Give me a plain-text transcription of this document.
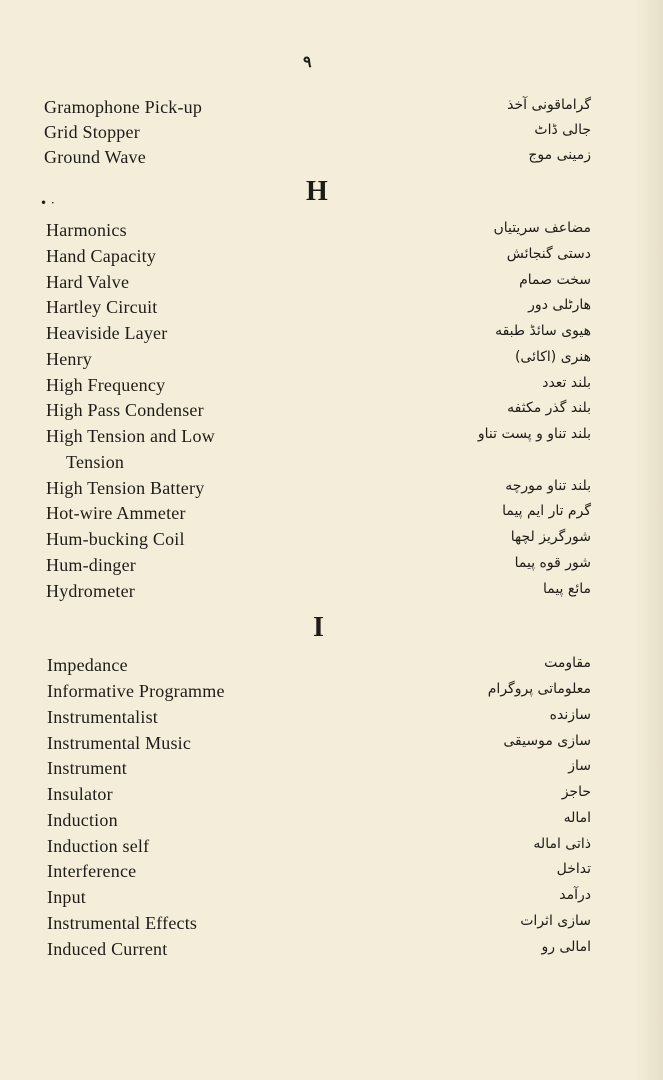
۹
Gramophone Pick-up	گراماقونی آخذ
Grid Stopper	جالی ڈاٹ
Ground Wave	زمینی موج
• ·	H
Harmonics	مضاعف سریتیاں
Hand Capacity	دستی گنجائش
Hard Valve	سخت صمام
Hartley Circuit	هارٹلی دور
Heaviside Layer	هیوی سائڈ طبقه
Henry	هنری (اکائی)
High Frequency	بلند تعدد
High Pass Condenser	بلند گذر مکثفه
High Tension and Low	بلند تناو و پست تناو
Tension
High Tension Battery	بلند تناو مورچه
Hot-wire Ammeter	گرم تار ایم پیما
Hum-bucking Coil	شورگریز لچھا
Hum-dinger	شور قوه پیما
Hydrometer	مائع پیما
I
Impedance	مقاومت
Informative Programme	معلوماتی پروگرام
Instrumentalist	سازنده
Instrumental Music	سازی موسیقی
Instrument	ساز
Insulator	حاجز
Induction	اماله
Induction self	ذاتی اماله
Interference	تداخل
Input	درآمد
Instrumental Effects	سازی اثرات
Induced Current	امالی رو
